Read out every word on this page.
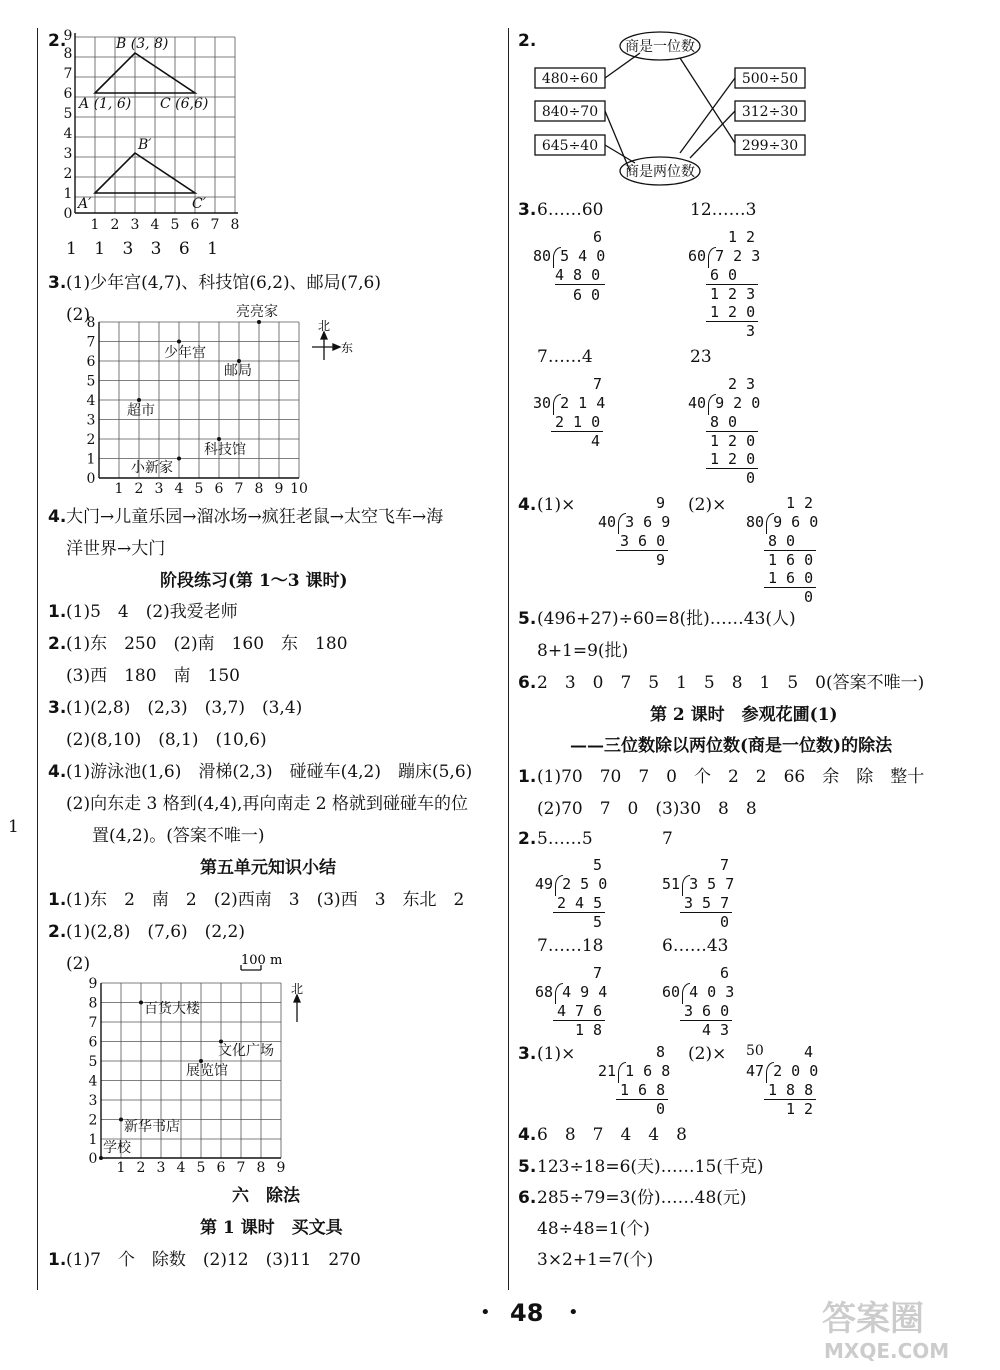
1
2.
1 2 3 4 5 6 7 8
0
1
2
3
4
5
6
7
8
9	B (3, 8)
A (1, 6) C (6,6)
B′
A′	C′
1 1 3 3 6 1
3. (1)少年宫(4,7)、科技馆(6,2)、邮局(7,6)
(2)	亮亮家
少年宫
邮局
超市
科技馆
小新家
1 2 3 4 5 6 7 8 9 10
0
1
2
3
4
5
6
7
8	北
东
4. 大门→儿童乐园→溜冰场→疯狂老鼠→太空飞车→海
洋世界→大门
阶段练习(第 1～3 课时)
1. (1)5　4　(2)我爱老师
2. (1)东　250　(2)南　160　东　180
(3)西　180　南　150
3. (1)(2,8)　(2,3)　(3,7)　(3,4)
(2)(8,10)　(8,1)　(10,6)
4. (1)游泳池(1,6)　滑梯(2,3)　碰碰车(4,2)　蹦床(5,6)
(2)向东走 3 格到(4,4),再向南走 2 格就到碰碰车的位
置(4,2)。(答案不唯一)
第五单元知识小结
1. (1)东　2　南　2　(2)西南　3　(3)西　3　东北　2
2. (1)(2,8)　(7,6)　(2,2)
(2)
百货大楼
文化广场
展览馆
新华书店
学校
100 m
北
1 2 3 4 5 6 7 8 9
0
1
2
3
4
5
6
7
8
9
六　除法
第 1 课时　买文具
1. (1)7　个　除数　(2)12　(3)11　270
2.	商是一位数
商是两位数
480÷60
840÷70
645÷40
500÷50
312÷30
299÷30
3. 6……60	12……3
6
80 5 4 0
4 8 0
6 0
1 2
60 7 2 3
6 0
1 2 3
1 2 0
3
7……4	23
7
30 2 1 4
2 1 0
4
2 3
40 9 2 0
8 0
1 2 0
1 2 0
0
4. (1)×	9
40 3 6 9
3 6 0
9
(2)×	1 2
80 9 6 0
8 0
1 6 0
1 6 0
0
5. (496+27)÷60=8(批)……43(人)
8+1=9(批)
6. 2　3　0　7　5　1　5　8　1　5　0(答案不唯一)
第 2 课时　参观花圃(1)
——三位数除以两位数(商是一位数)的除法
1. (1)70　70　7　0　个　2　2　66　余　除　整十
(2)70　7　0　(3)30　8　8
2. 5……5	7
5
49 2 5 0
2 4 5
5
7
51 3 5 7
3 5 7
0
7……18	6……43
7
68 4 9 4
4 7 6
1 8
6
60 4 0 3
3 6 0
4 3
3. (1)×	8
21 1 6 8
1 6 8
0
(2)× 50	4
47 2 0 0
1 8 8
1 2
4. 6　8　7　4　4　8
5. 123÷18=6(天)……15(千克)
6. 285÷79=3(份)……48(元)
48÷48=1(个)
3×2+1=7(个)
• 48 •	答案圈
MXQE.COM
